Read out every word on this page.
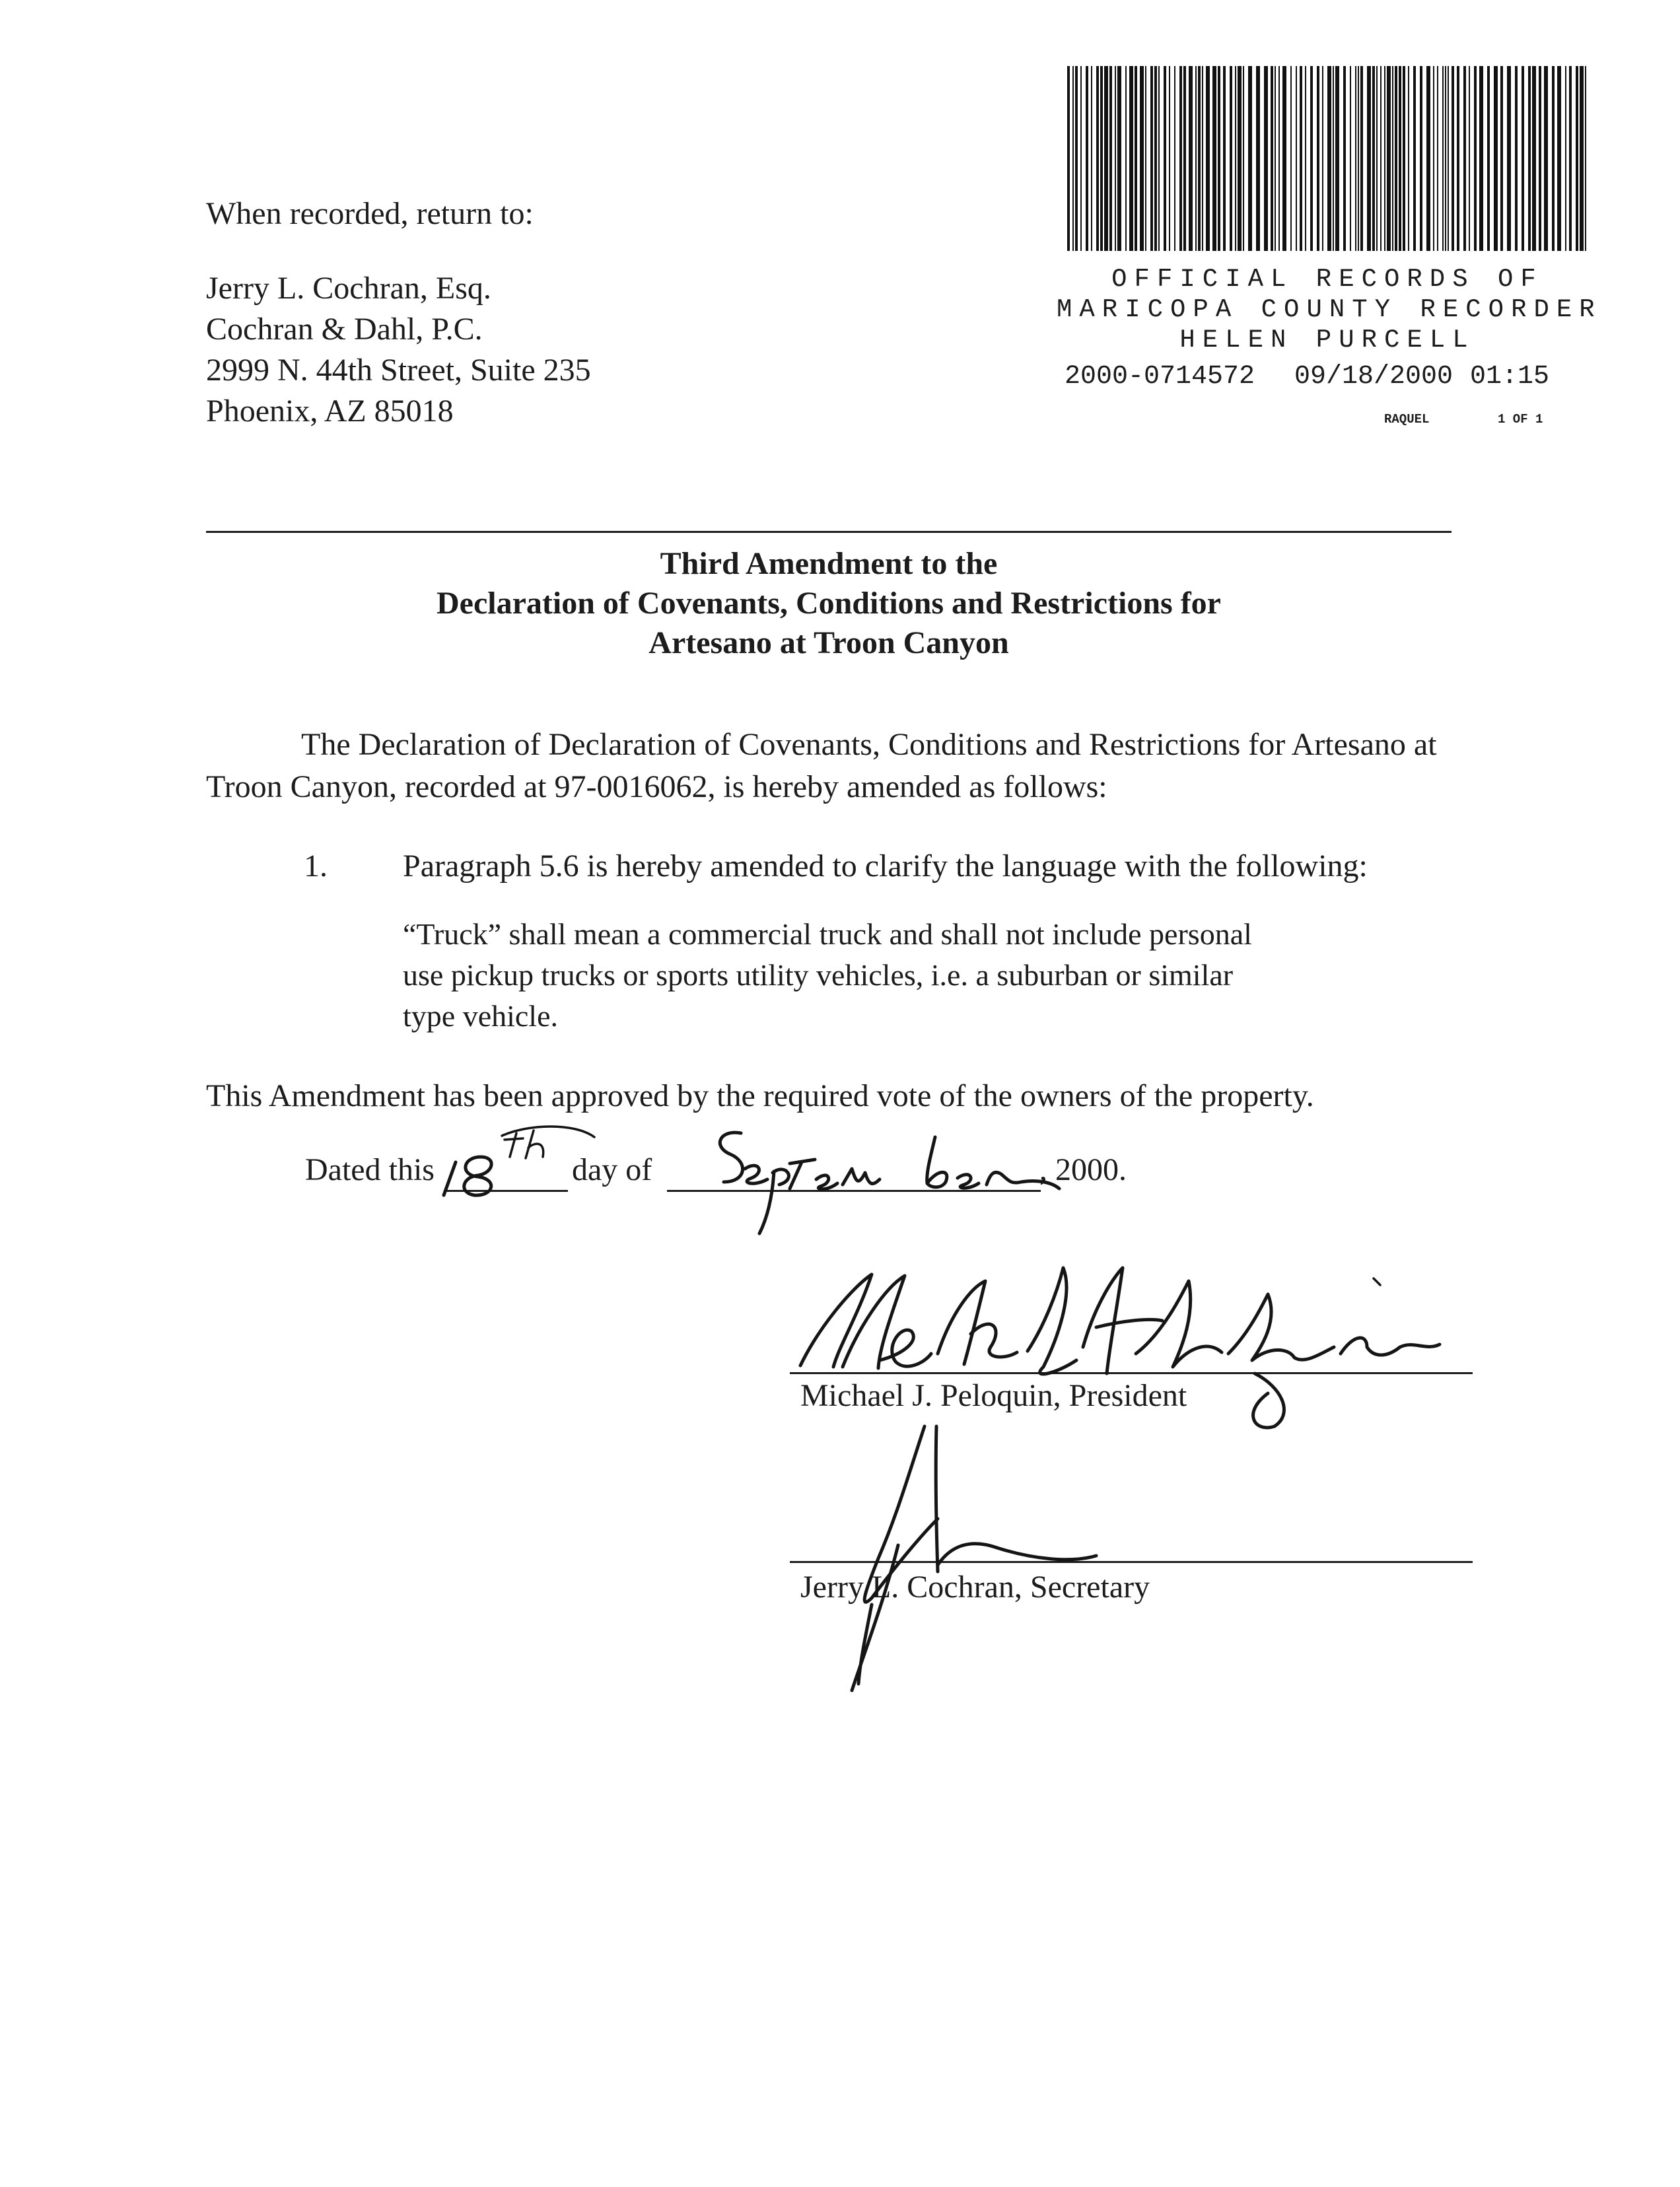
When recorded, return to:
Jerry L. Cochran, Esq.
Cochran & Dahl, P.C.
2999 N. 44th Street, Suite 235
Phoenix, AZ 85018
OFFICIAL RECORDS OF
MARICOPA COUNTY RECORDER
HELEN PURCELL
2000-0714572 09/18/2000 01:15
RAQUEL	1 OF 1
Third Amendment to the
Declaration of Covenants, Conditions and Restrictions for
Artesano at Troon Canyon
The Declaration of Declaration of Covenants, Conditions and Restrictions for Artesano at
Troon Canyon, recorded at 97-0016062, is hereby amended as follows:
1. Paragraph 5.6 is hereby amended to clarify the language with the following:
“Truck” shall mean a commercial truck and shall not include personal
use pickup trucks or sports utility vehicles, i.e. a suburban or similar
type vehicle.
This Amendment has been approved by the required vote of the owners of the property.
Dated this	day of	, 2000.
Michael J. Peloquin, President
Jerry L. Cochran, Secretary
